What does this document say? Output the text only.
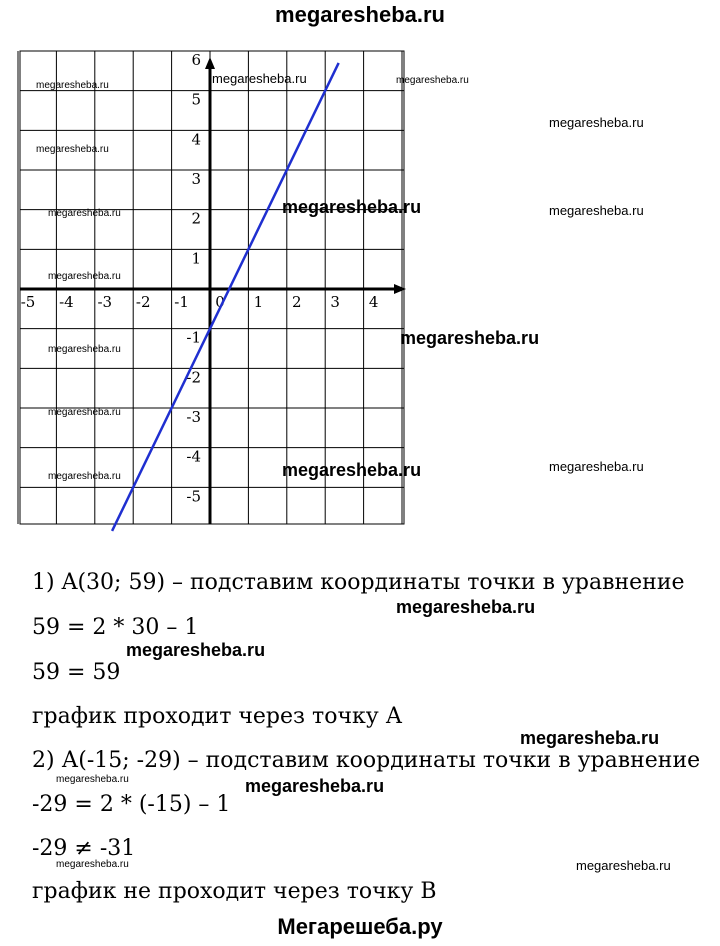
megaresheba.ru
-5 -4 -3 -2 -1 0 1 2 3 4
6
5
4
3
2
1
-1
-2
-3
-4
-5
megaresheba.ru	megaresheba.ru	megaresheba.ru
megaresheba.ru
megaresheba.ru
megaresheba.ru	megaresheba.ru	megaresheba.ru
megaresheba.ru
megaresheba.ru
megaresheba.ru
megaresheba.ru
megaresheba.ru	megaresheba.ru
megaresheba.ru
megaresheba.ru
megaresheba.ru
megaresheba.ru
megaresheba.ru	megaresheba.ru
megaresheba.ru	megaresheba.ru
1) A(30; 59) – подставим координаты точки в уравнение
59 = 2 * 30 – 1
59 = 59
график проходит через точку А
2) А(-15; -29) – подставим координаты точки в уравнение
-29 = 2 * (-15) – 1
-29 ≠ -31
график не проходит через точку В
Мегарешеба.ру
